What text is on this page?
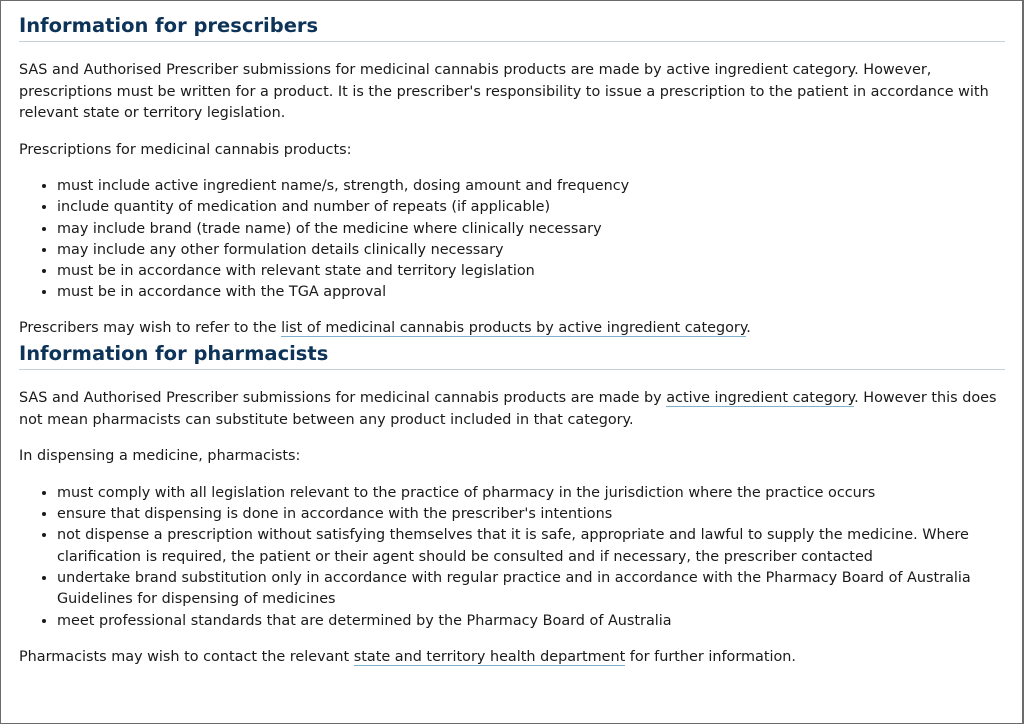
Information for prescribers

SAS and Authorised Prescriber submissions for medicinal cannabis products are made by active ingredient category. However, prescriptions must be written for a product. It is the prescriber's responsibility to issue a prescription to the patient in accordance with relevant state or territory legislation.

Prescriptions for medicinal cannabis products:

• must include active ingredient name/s, strength, dosing amount and frequency
• include quantity of medication and number of repeats (if applicable)
• may include brand (trade name) of the medicine where clinically necessary
• may include any other formulation details clinically necessary
• must be in accordance with relevant state and territory legislation
• must be in accordance with the TGA approval

Prescribers may wish to refer to the list of medicinal cannabis products by active ingredient category.

Information for pharmacists

SAS and Authorised Prescriber submissions for medicinal cannabis products are made by active ingredient category. However this does not mean pharmacists can substitute between any product included in that category.

In dispensing a medicine, pharmacists:

• must comply with all legislation relevant to the practice of pharmacy in the jurisdiction where the practice occurs
• ensure that dispensing is done in accordance with the prescriber's intentions
• not dispense a prescription without satisfying themselves that it is safe, appropriate and lawful to supply the medicine. Where clarification is required, the patient or their agent should be consulted and if necessary, the prescriber contacted
• undertake brand substitution only in accordance with regular practice and in accordance with the Pharmacy Board of Australia Guidelines for dispensing of medicines
• meet professional standards that are determined by the Pharmacy Board of Australia

Pharmacists may wish to contact the relevant state and territory health department for further information.
